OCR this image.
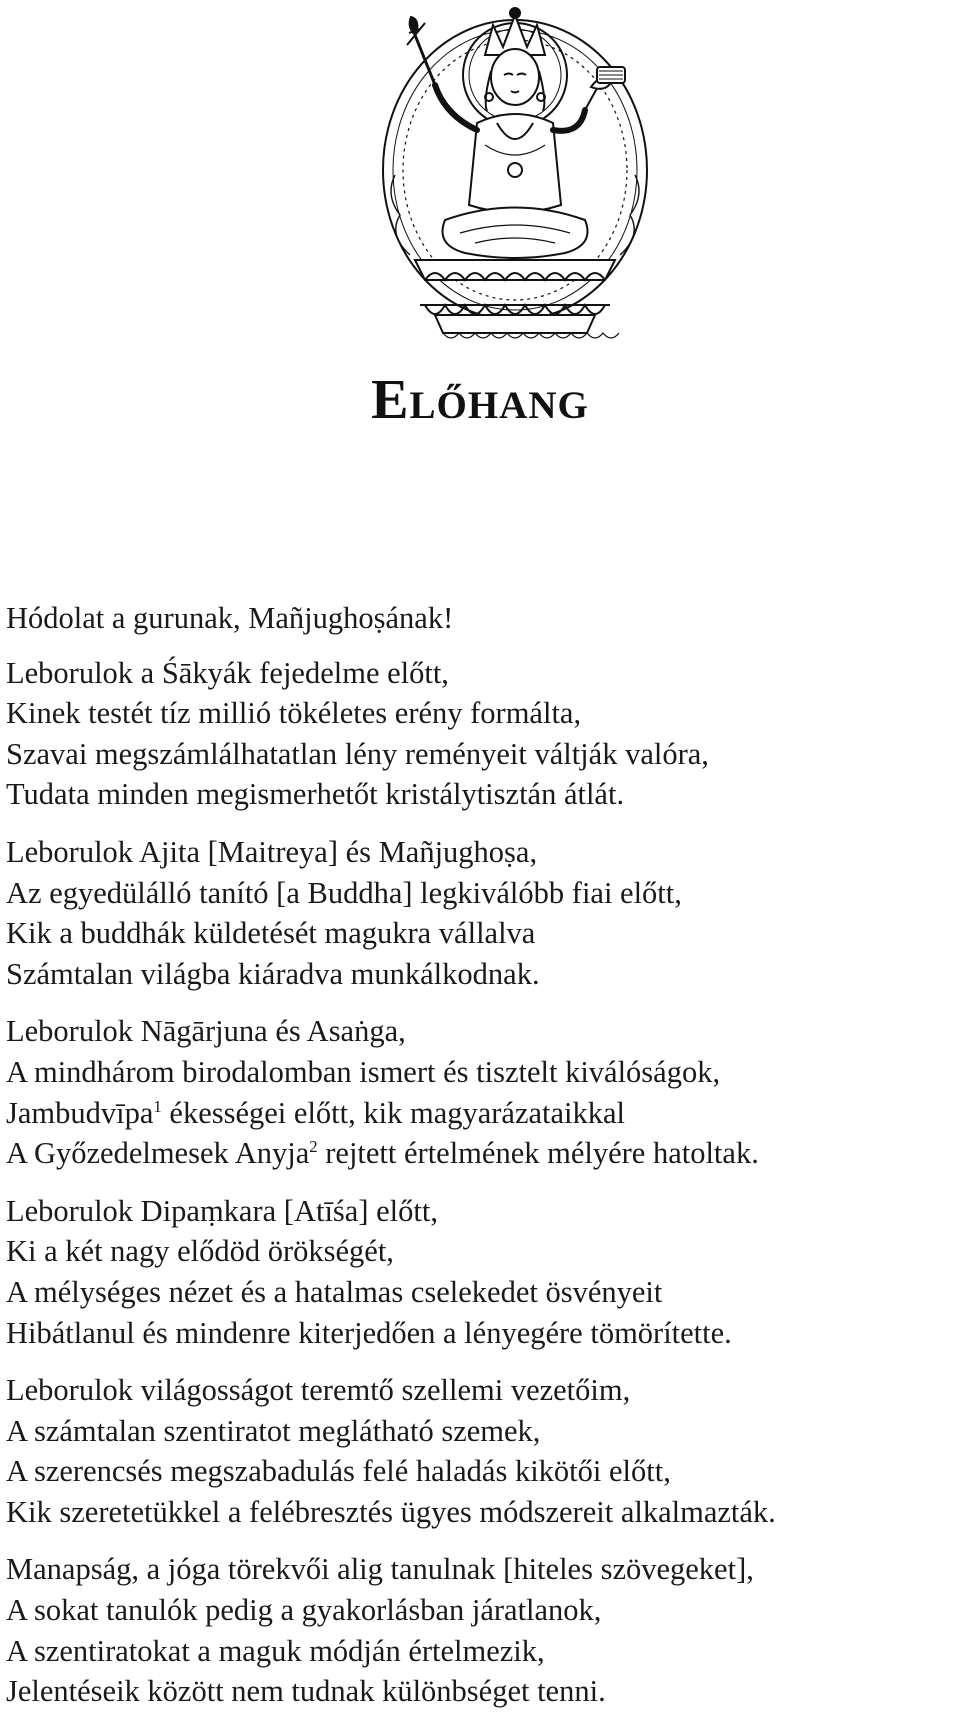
Előhang
Hódolat a gurunak, Mañjughoṣának!
Leborulok a Śākyák fejedelme előtt,
Kinek testét tíz millió tökéletes erény formálta,
Szavai megszámlálhatatlan lény reményeit váltják valóra,
Tudata minden megismerhetőt kristálytisztán átlát.
Leborulok Ajita [Maitreya] és Mañjughoṣa,
Az egyedülálló tanító [a Buddha] legkiválóbb fiai előtt,
Kik a buddhák küldetését magukra vállalva
Számtalan világba kiáradva munkálkodnak.
Leborulok Nāgārjuna és Asaṅga,
A mindhárom birodalomban ismert és tisztelt kiválóságok,
Jambudvīpa$^1$ ékességei előtt, kik magyarázataikkal
A Győzedelmesek Anyja$^2$ rejtett értelmének mélyére hatoltak.
Leborulok Dipaṃkara [Atīśa] előtt,
Ki a két nagy elődöd örökségét,
A mélységes nézet és a hatalmas cselekedet ösvényeit
Hibátlanul és mindenre kiterjedően a lényegére tömörítette.
Leborulok világosságot teremtő szellemi vezetőim,
A számtalan szentiratot meglátható szemek,
A szerencsés megszabadulás felé haladás kikötői előtt,
Kik szeretetükkel a felébresztés ügyes módszereit alkalmazták.
Manapság, a jóga törekvői alig tanulnak [hiteles szövegeket],
A sokat tanulók pedig a gyakorlásban járatlanok,
A szentiratokat a maguk módján értelmezik,
Jelentéseik között nem tudnak különbséget tenni.
